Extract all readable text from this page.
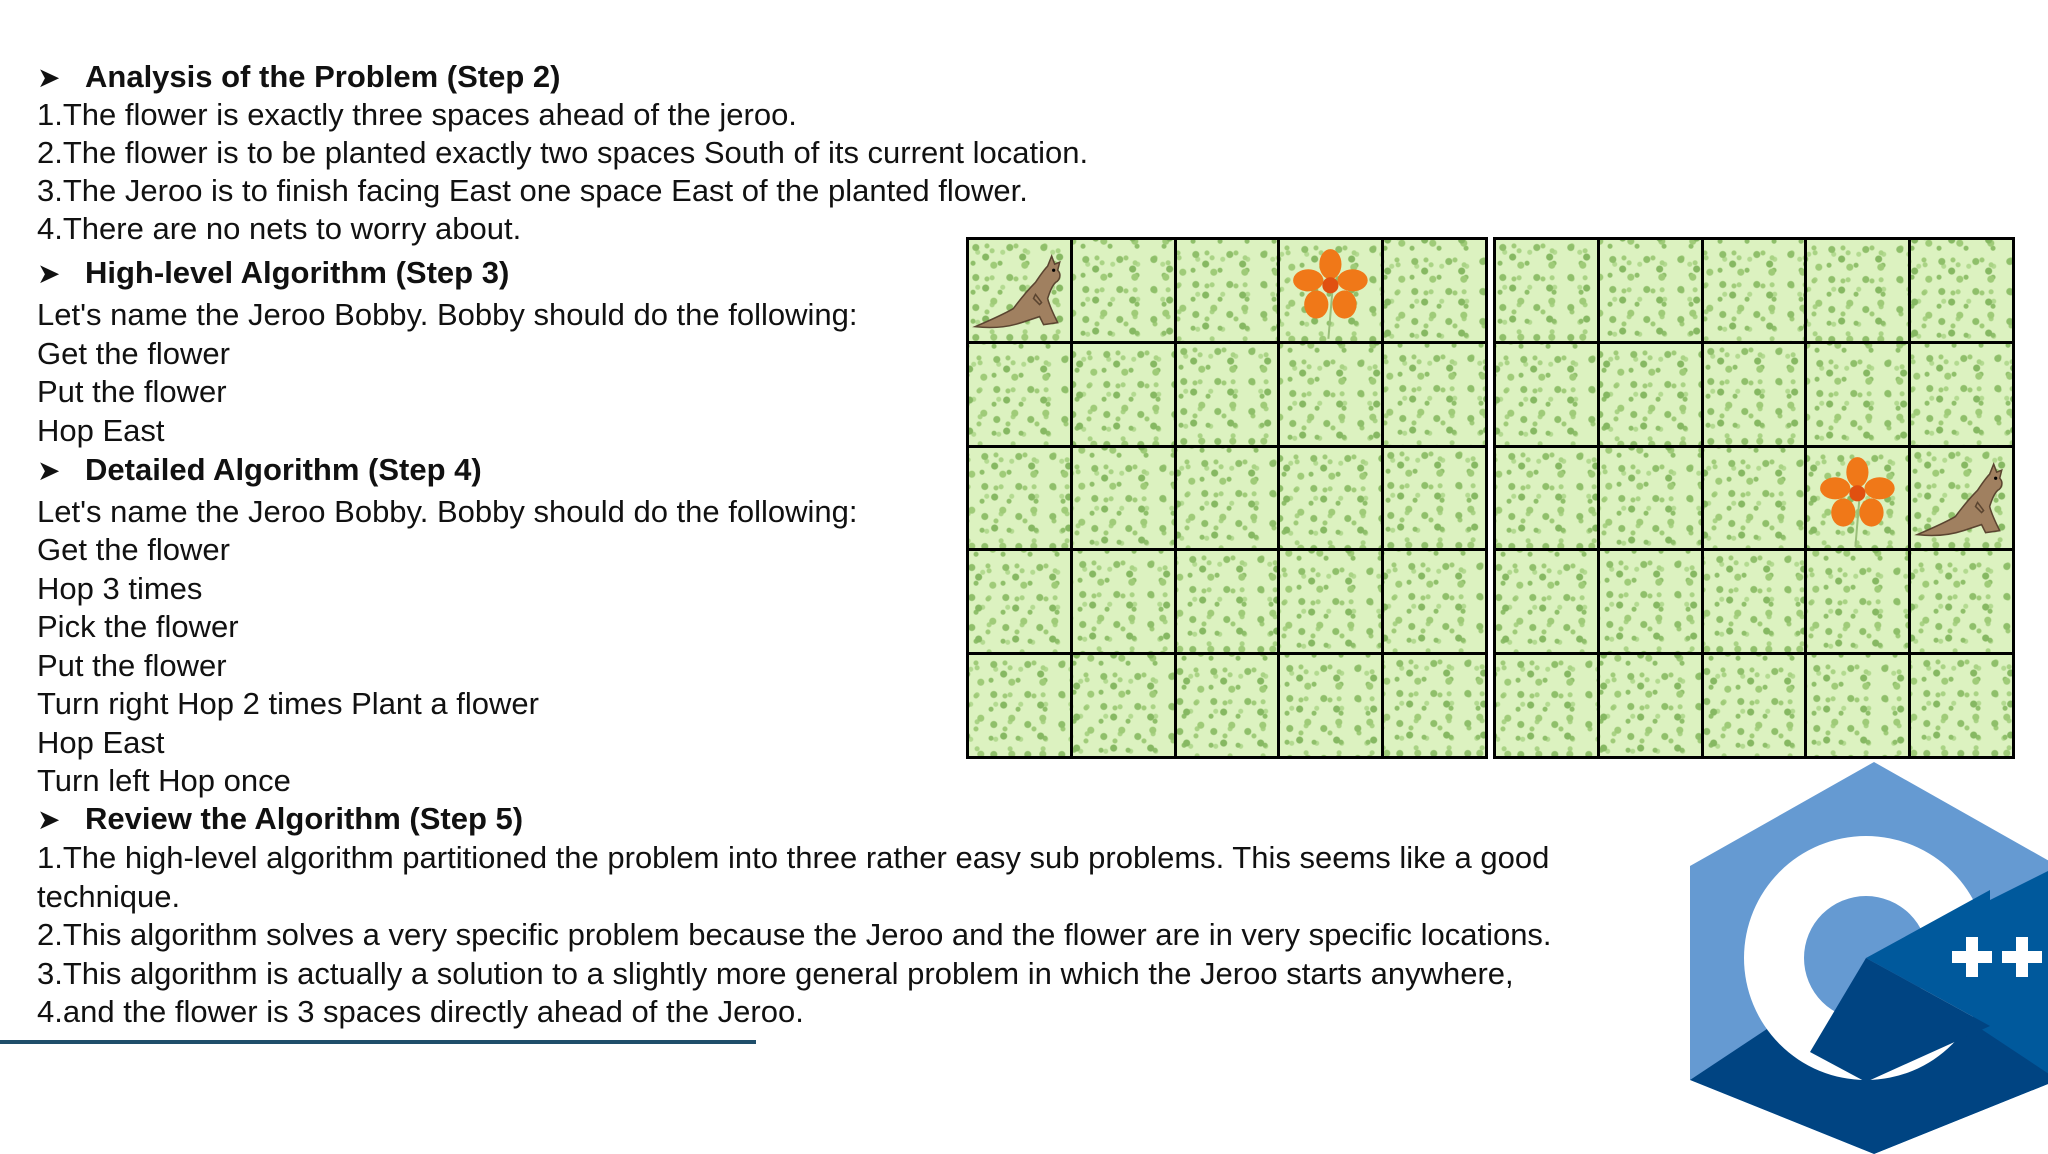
➤ Analysis of the Problem (Step 2)
1.The flower is exactly three spaces ahead of the jeroo.
2.The flower is to be planted exactly two spaces South of its current location.
3.The Jeroo is to finish facing East one space East of the planted flower.
4.There are no nets to worry about.
➤ High-level Algorithm (Step 3)
Let's name the Jeroo Bobby. Bobby should do the following:
Get the flower
Put the flower
Hop East
➤ Detailed Algorithm (Step 4)
Let's name the Jeroo Bobby. Bobby should do the following:
Get the flower
Hop 3 times
Pick the flower
Put the flower
Turn right Hop 2 times Plant a flower
Hop East
Turn left Hop once
➤ Review the Algorithm (Step 5)
1.The high-level algorithm partitioned the problem into three rather easy sub problems. This seems like a good
technique.
2.This algorithm solves a very specific problem because the Jeroo and the flower are in very specific locations.
3.This algorithm is actually a solution to a slightly more general problem in which the Jeroo starts anywhere,
4.and the flower is 3 spaces directly ahead of the Jeroo.
